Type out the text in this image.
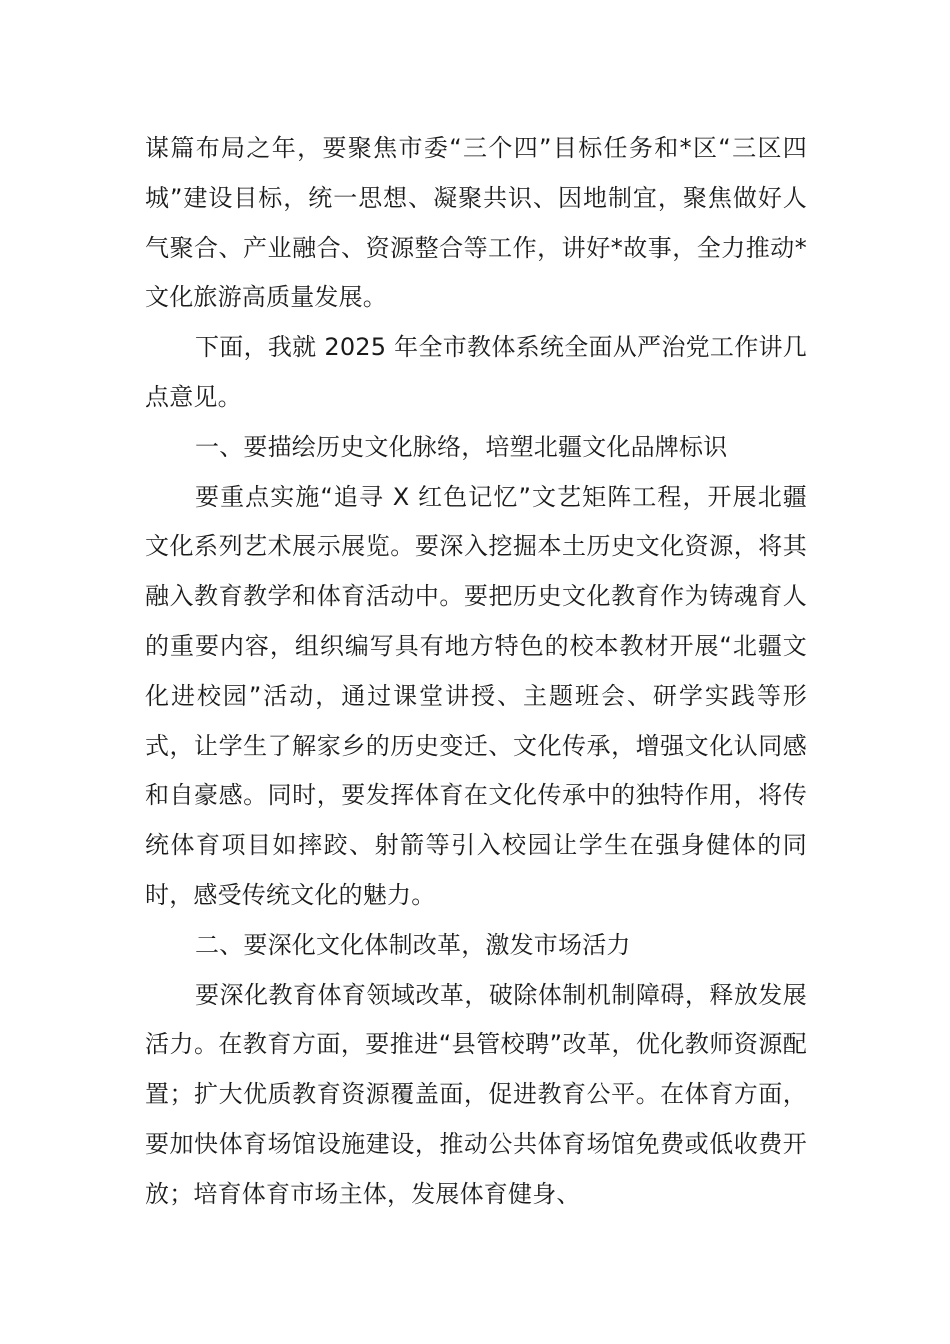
谋篇布局之年，要聚焦市委“三个四”目标任务和*区“三区四城”建设目标，统一思想、凝聚共识、因地制宜，聚焦做好人气聚合、产业融合、资源整合等工作，讲好*故事，全力推动*文化旅游高质量发展。

下面，我就 2025 年全市教体系统全面从严治党工作讲几点意见。

一、要描绘历史文化脉络，培塑北疆文化品牌标识

要重点实施“追寻 X 红色记忆”文艺矩阵工程，开展北疆文化系列艺术展示展览。要深入挖掘本土历史文化资源，将其融入教育教学和体育活动中。要把历史文化教育作为铸魂育人的重要内容，组织编写具有地方特色的校本教材开展“北疆文化进校园”活动，通过课堂讲授、主题班会、研学实践等形式，让学生了解家乡的历史变迁、文化传承，增强文化认同感和自豪感。同时，要发挥体育在文化传承中的独特作用，将传统体育项目如摔跤、射箭等引入校园让学生在强身健体的同时，感受传统文化的魅力。

二、要深化文化体制改革，激发市场活力

要深化教育体育领域改革，破除体制机制障碍，释放发展活力。在教育方面，要推进“县管校聘”改革，优化教师资源配置；扩大优质教育资源覆盖面，促进教育公平。在体育方面，要加快体育场馆设施建设，推动公共体育场馆免费或低收费开放；培育体育市场主体，发展体育健身、
